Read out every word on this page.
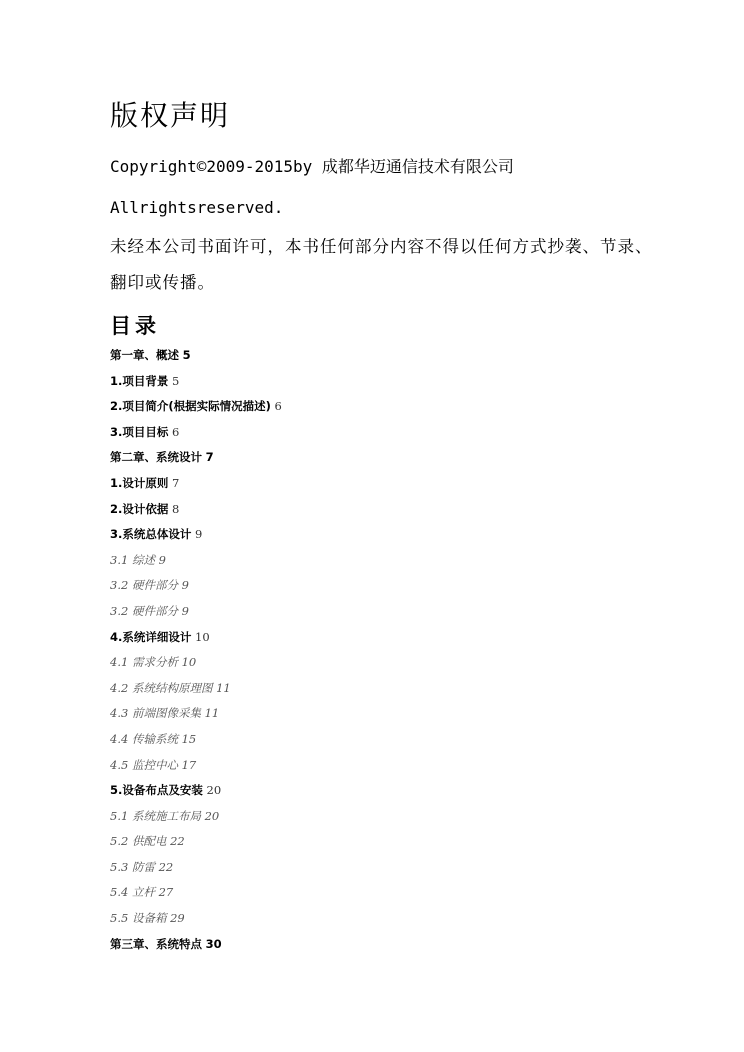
版权声明
Copyright©2009-2015by 成都华迈通信技术有限公司
Allrightsreserved.
未经本公司书面许可，本书任何部分内容不得以任何方式抄袭、节录、
翻印或传播。
目录
第一章、概述 5
1.项目背景 5
2.项目简介(根据实际情况描述) 6
3.项目目标 6
第二章、系统设计 7
1.设计原则 7
2.设计依据 8
3.系统总体设计 9
3.1 综述 9
3.2 硬件部分 9
3.2 硬件部分 9
4.系统详细设计 10
4.1 需求分析 10
4.2 系统结构原理图 11
4.3 前端图像采集 11
4.4 传输系统 15
4.5 监控中心 17
5.设备布点及安装 20
5.1 系统施工布局 20
5.2 供配电 22
5.3 防雷 22
5.4 立杆 27
5.5 设备箱 29
第三章、系统特点 30
